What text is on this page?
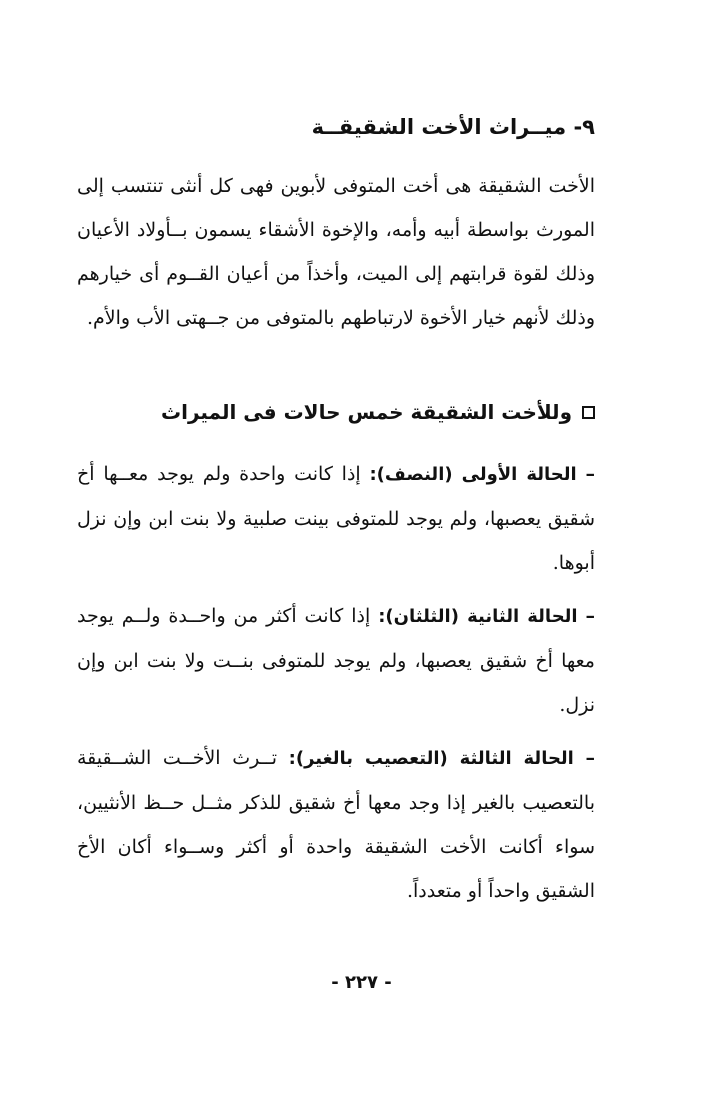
٩- ميــراث الأخت الشقيقــة
الأخت الشقيقة هى أخت المتوفى لأبوين فهى كل أنثى تنتسب إلى المورث بواسطة أبيه وأمه، والإخوة الأشقاء يسمون بــأولاد الأعيان وذلك لقوة قرابتهم إلى الميت، وأخذاً من أعيان القــوم أى خيارهم وذلك لأنهم خيار الأخوة لارتباطهم بالمتوفى من جــهتى الأب والأم.
وللأخت الشقيقة خمس حالات فى الميراث
– الحالة الأولى (النصف): إذا كانت واحدة ولم يوجد معــها أخ شقيق يعصبها، ولم يوجد للمتوفى بينت صلبية ولا بنت ابن وإن نزل أبوها.
– الحالة الثانية (الثلثان): إذا كانت أكثر من واحــدة ولــم يوجد معها أخ شقيق يعصبها، ولم يوجد للمتوفى بنــت ولا بنت ابن وإن نزل.
– الحالة الثالثة (التعصيب بالغير): تــرث الأخــت الشــقيقة بالتعصيب بالغير إذا وجد معها أخ شقيق للذكر مثــل حــظ الأنثيين، سواء أكانت الأخت الشقيقة واحدة أو أكثر وســواء أكان الأخ الشقيق واحداً أو متعدداً.
- ٢٢٧ -
